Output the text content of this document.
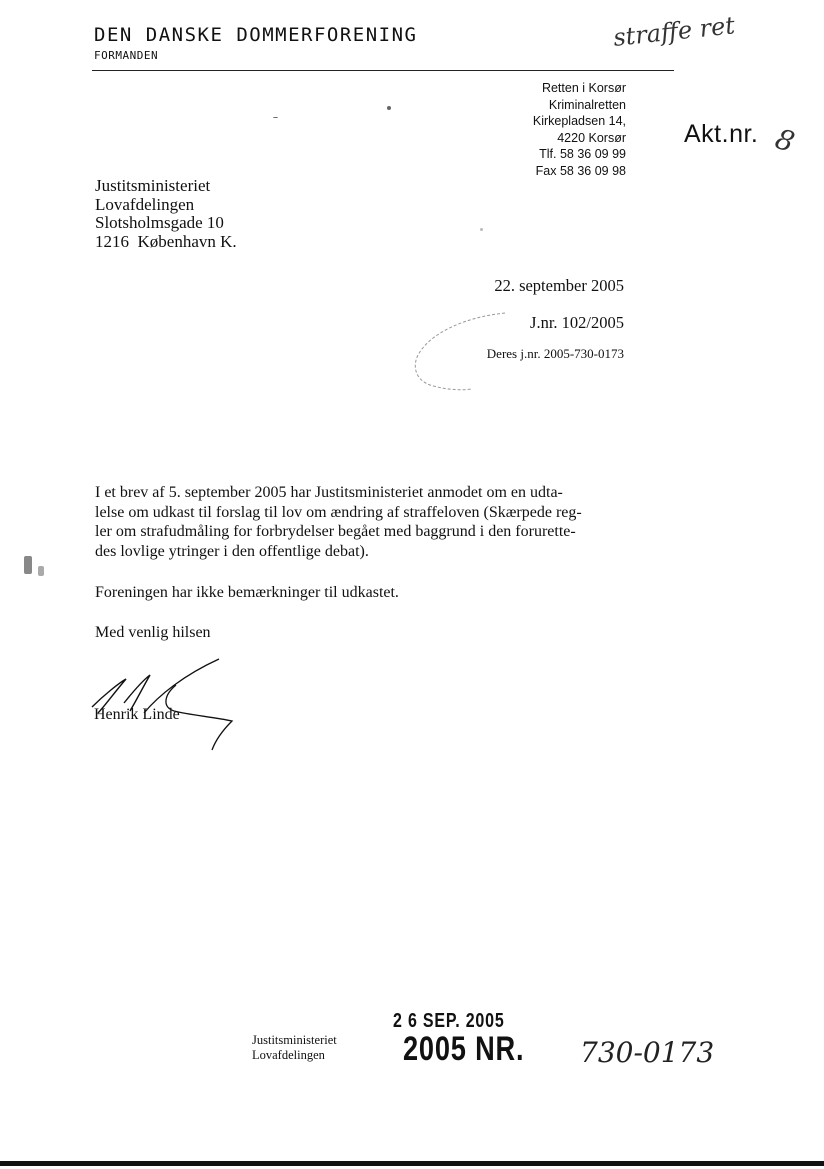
DEN DANSKE DOMMERFORENING
FORMANDEN
straffe ret
Retten i Korsør
Kriminalretten
Kirkepladsen 14,
4220 Korsør
Tlf. 58 36 09 99
Fax 58 36 09 98
Akt.nr. 8
Justitsministeriet
Lovafdelingen
Slotsholmsgade 10
1216  København K.
22. september 2005
J.nr. 102/2005
Deres j.nr. 2005-730-0173
I et brev af 5. september 2005 har Justitsministeriet anmodet om en udta-
lelse om udkast til forslag til lov om ændring af straffeloven (Skærpede reg-
ler om strafudmåling for forbrydelser begået med baggrund i den forurette-
des lovlige ytringer i den offentlige debat).
Foreningen har ikke bemærkninger til udkastet.
Med venlig hilsen
Henrik Linde
Justitsministeriet
Lovafdelingen
2 6 SEP. 2005
2005 NR. 730-0173
